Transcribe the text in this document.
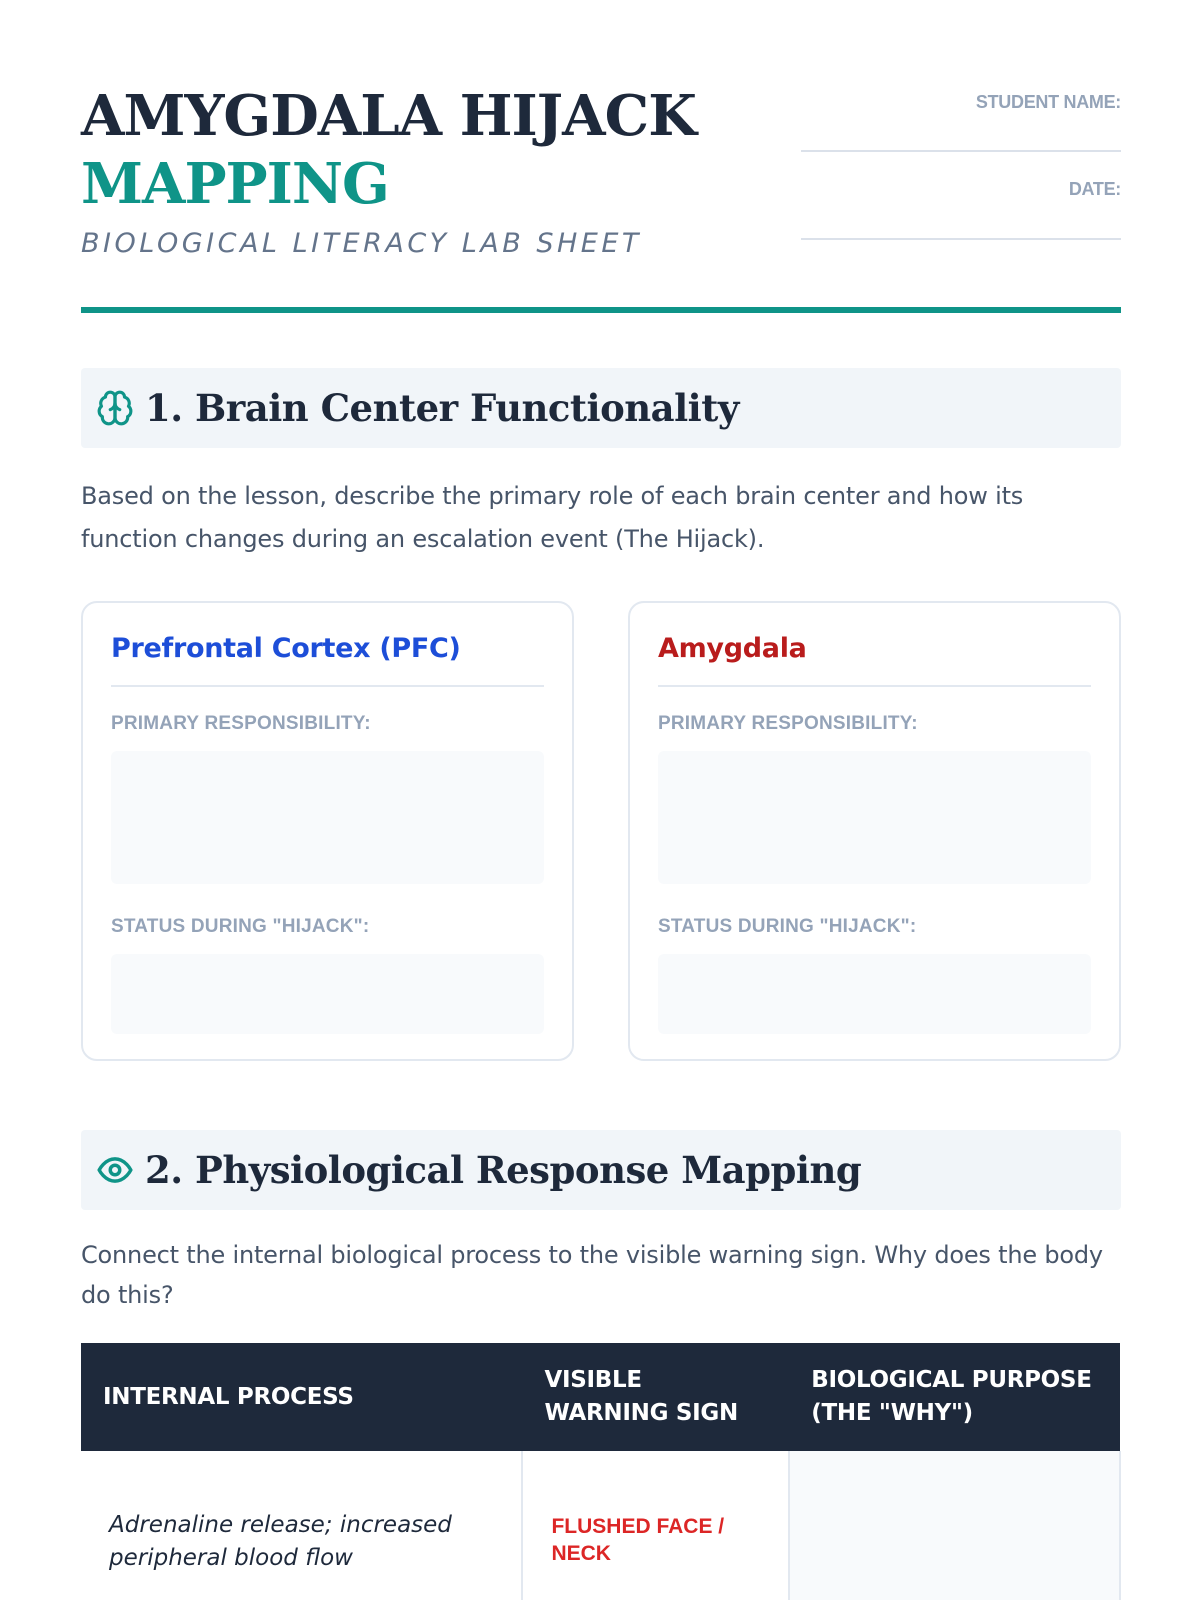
AMYGDALA HIJACK
MAPPING
BIOLOGICAL LITERACY LAB SHEET
STUDENT NAME:
DATE:
1. Brain Center Functionality

Based on the lesson, describe the primary role of each brain center and how its function changes during an escalation event (The Hijack).

Prefrontal Cortex (PFC)
PRIMARY RESPONSIBILITY:
STATUS DURING "HIJACK":
Amygdala
PRIMARY RESPONSIBILITY:
STATUS DURING "HIJACK":
2. Physiological Response Mapping

Connect the internal biological process to the visible warning sign. Why does the body do this?

INTERNAL PROCESS	VISIBLE WARNING SIGN	BIOLOGICAL PURPOSE (THE "WHY")
Adrenaline release; increased peripheral blood flow	FLUSHED FACE / NECK	
